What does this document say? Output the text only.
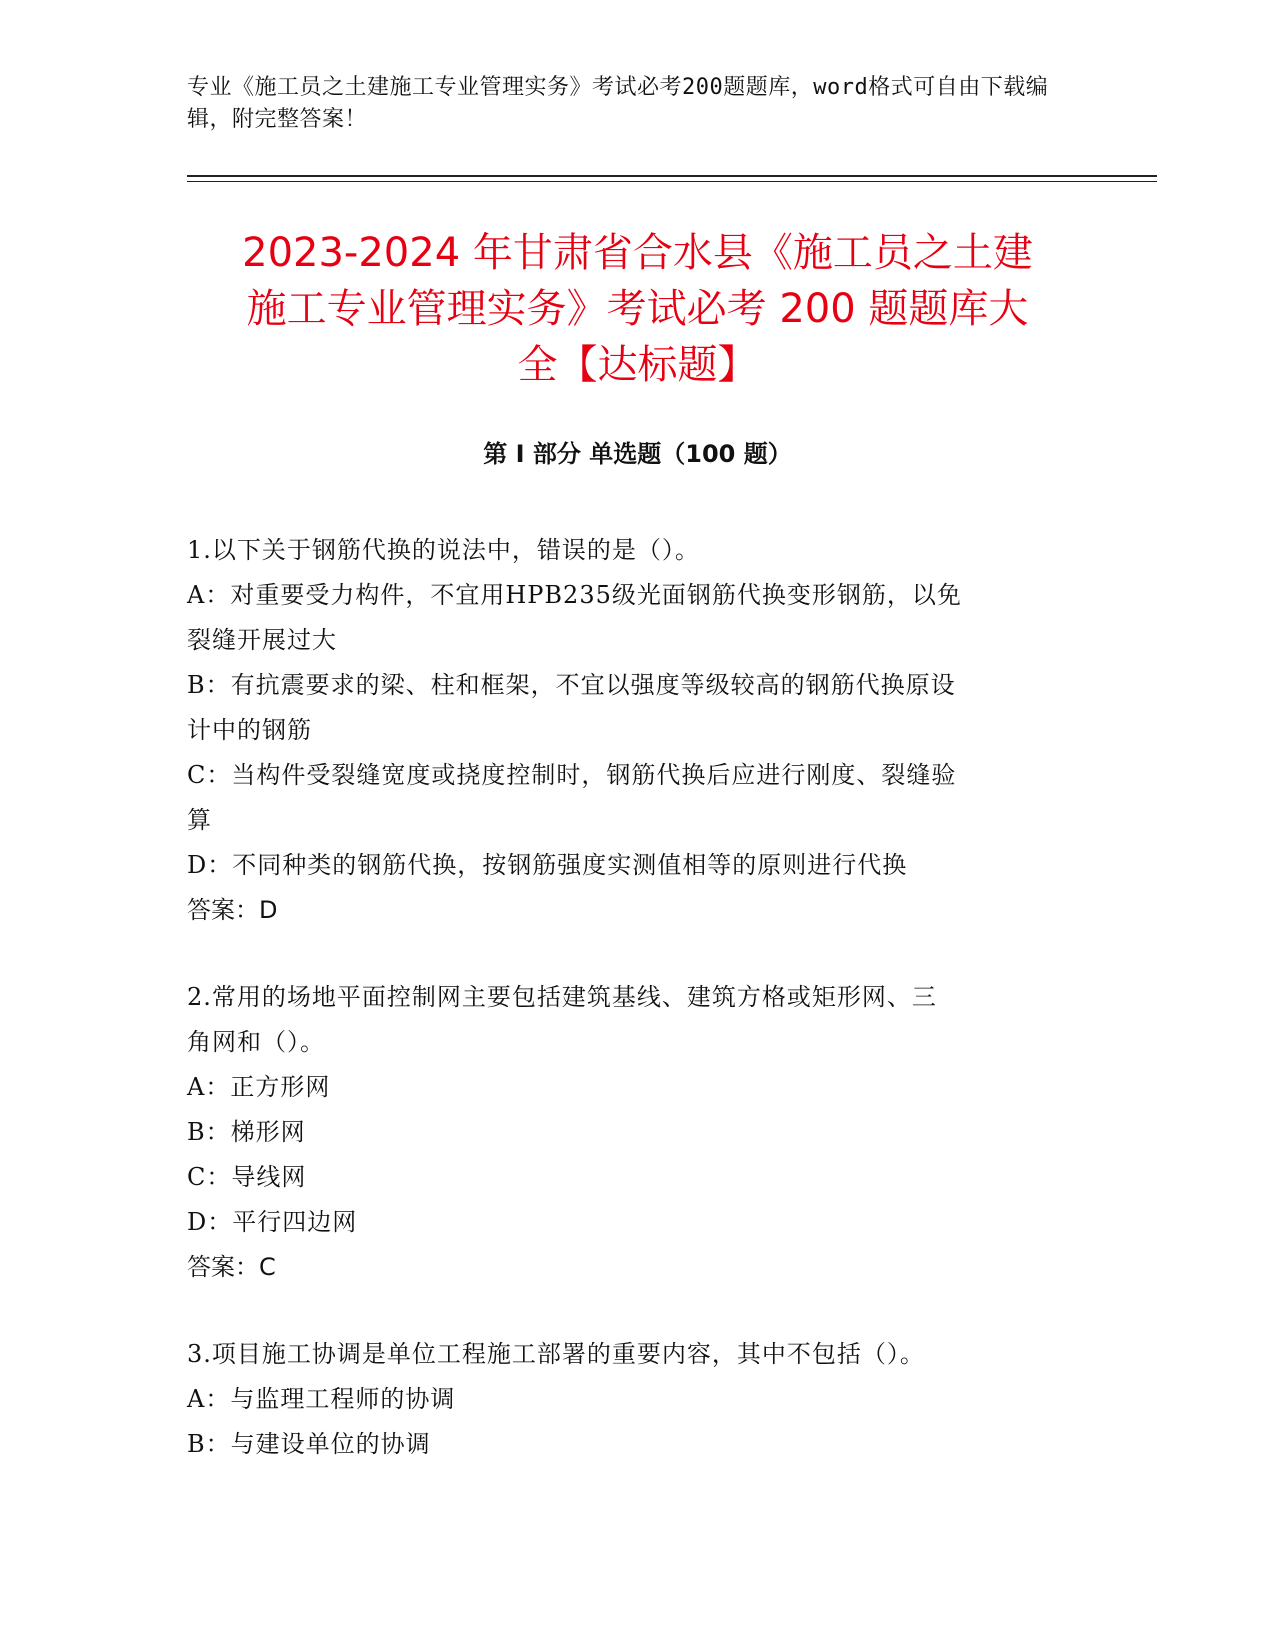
专业《施工员之土建施工专业管理实务》考试必考200题题库，word格式可自由下载编辑，附完整答案！
2023-2024 年甘肃省合水县《施工员之土建
施工专业管理实务》考试必考 200 题题库大
全【达标题】
第 I 部分 单选题（100 题）
1.以下关于钢筋代换的说法中，错误的是（）。
A：对重要受力构件，不宜用HPB235级光面钢筋代换变形钢筋，以免
裂缝开展过大
B：有抗震要求的梁、柱和框架，不宜以强度等级较高的钢筋代换原设
计中的钢筋
C：当构件受裂缝宽度或挠度控制时，钢筋代换后应进行刚度、裂缝验
算
D：不同种类的钢筋代换，按钢筋强度实测值相等的原则进行代换
答案：D
2.常用的场地平面控制网主要包括建筑基线、建筑方格或矩形网、三
角网和（）。
A：正方形网
B：梯形网
C：导线网
D：平行四边网
答案：C
3.项目施工协调是单位工程施工部署的重要内容，其中不包括（）。
A：与监理工程师的协调
B：与建设单位的协调
